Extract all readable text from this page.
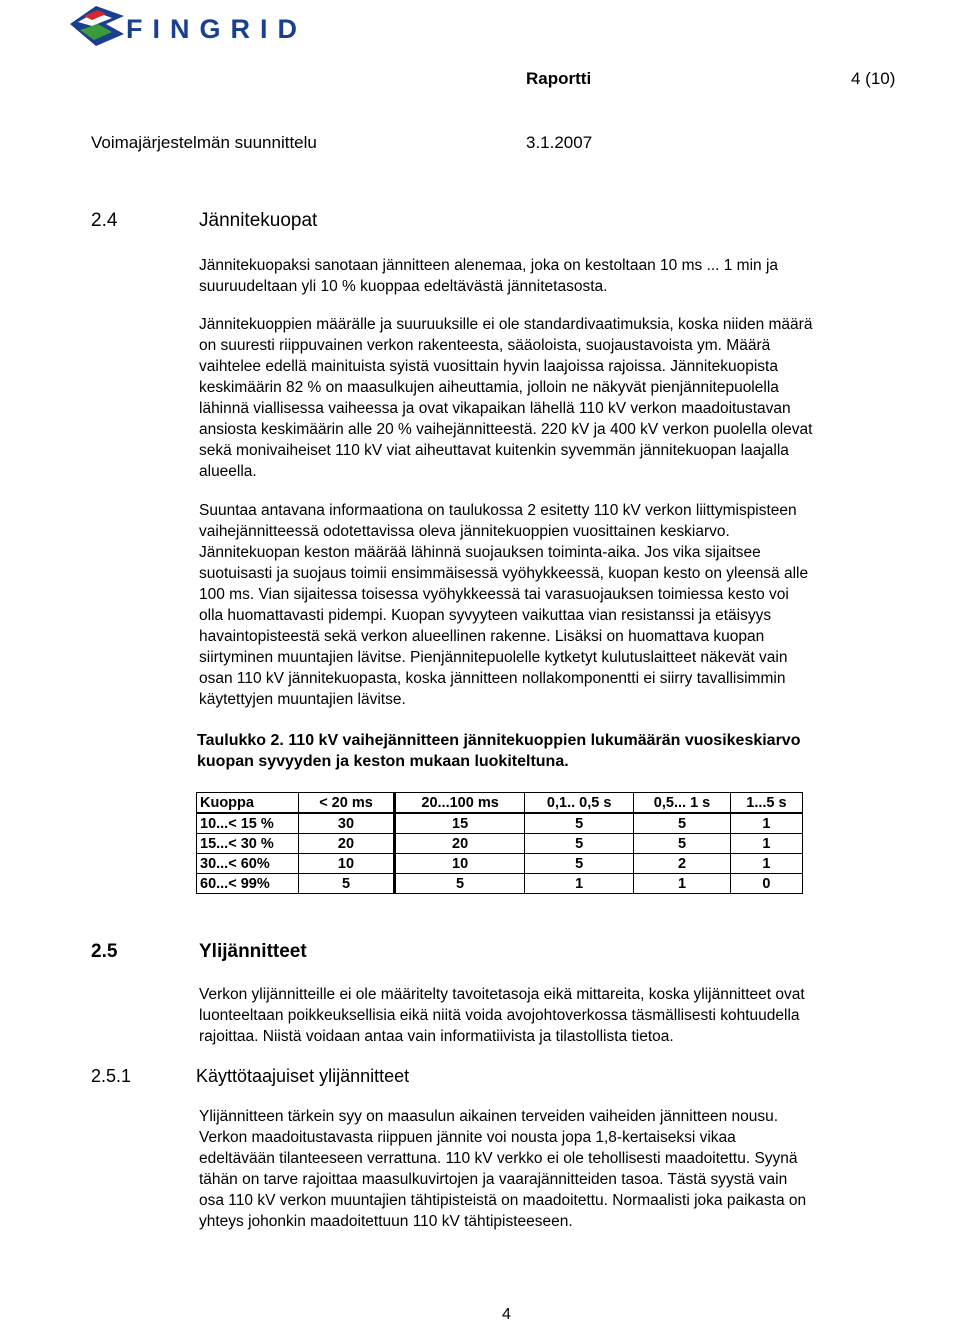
FINGRID
Raportti	4 (10)
Voimajärjestelmän suunnittelu	3.1.2007
2.4	Jännitekuopat
Jännitekuopaksi sanotaan jännitteen alenemaa, joka on kestoltaan 10 ms ... 1 min ja
suuruudeltaan yli 10 % kuoppaa edeltävästä jännitetasosta.
Jännitekuoppien määrälle ja suuruuksille ei ole standardivaatimuksia, koska niiden määrä
on suuresti riippuvainen verkon rakenteesta, sääoloista, suojaustavoista ym. Määrä
vaihtelee edellä mainituista syistä vuosittain hyvin laajoissa rajoissa. Jännitekuopista
keskimäärin 82 % on maasulkujen aiheuttamia, jolloin ne näkyvät pienjännitepuolella
lähinnä viallisessa vaiheessa ja ovat vikapaikan lähellä 110 kV verkon maadoitustavan
ansiosta keskimäärin alle 20 % vaihejännitteestä. 220 kV ja 400 kV verkon puolella olevat
sekä monivaiheiset 110 kV viat aiheuttavat kuitenkin syvemmän jännitekuopan laajalla
alueella.
Suuntaa antavana informaationa on taulukossa 2 esitetty 110 kV verkon liittymispisteen
vaihejännitteessä odotettavissa oleva jännitekuoppien vuosittainen keskiarvo.
Jännitekuopan keston määrää lähinnä suojauksen toiminta-aika. Jos vika sijaitsee
suotuisasti ja suojaus toimii ensimmäisessä vyöhykkeessä, kuopan kesto on yleensä alle
100 ms. Vian sijaitessa toisessa vyöhykkeessä tai varasuojauksen toimiessa kesto voi
olla huomattavasti pidempi. Kuopan syvyyteen vaikuttaa vian resistanssi ja etäisyys
havaintopisteestä sekä verkon alueellinen rakenne. Lisäksi on huomattava kuopan
siirtyminen muuntajien lävitse. Pienjännitepuolelle kytketyt kulutuslaitteet näkevät vain
osan 110 kV jännitekuopasta, koska jännitteen nollakomponentti ei siirry tavallisimmin
käytettyjen muuntajien lävitse.
Taulukko 2. 110 kV vaihejännitteen jännitekuoppien lukumäärän vuosikeskiarvo
kuopan syvyyden ja keston mukaan luokiteltuna.
Kuoppa	< 20 ms	20...100 ms	0,1.. 0,5 s	0,5... 1 s	1...5 s
10...< 15 %	30	15	5	5	1
15...< 30 %	20	20	5	5	1
30...< 60%	10	10	5	2	1
60...< 99%	5	5	1	1	0
2.5	Ylijännitteet
Verkon ylijännitteille ei ole määritelty tavoitetasoja eikä mittareita, koska ylijännitteet ovat
luonteeltaan poikkeuksellisia eikä niitä voida avojohtoverkossa täsmällisesti kohtuudella
rajoittaa. Niistä voidaan antaa vain informatiivista ja tilastollista tietoa.
2.5.1	Käyttötaajuiset ylijännitteet
Ylijännitteen tärkein syy on maasulun aikainen terveiden vaiheiden jännitteen nousu.
Verkon maadoitustavasta riippuen jännite voi nousta jopa 1,8-kertaiseksi vikaa
edeltävään tilanteeseen verrattuna. 110 kV verkko ei ole tehollisesti maadoitettu. Syynä
tähän on tarve rajoittaa maasulkuvirtojen ja vaarajännitteiden tasoa. Tästä syystä vain
osa 110 kV verkon muuntajien tähtipisteistä on maadoitettu. Normaalisti joka paikasta on
yhteys johonkin maadoitettuun 110 kV tähtipisteeseen.
4
